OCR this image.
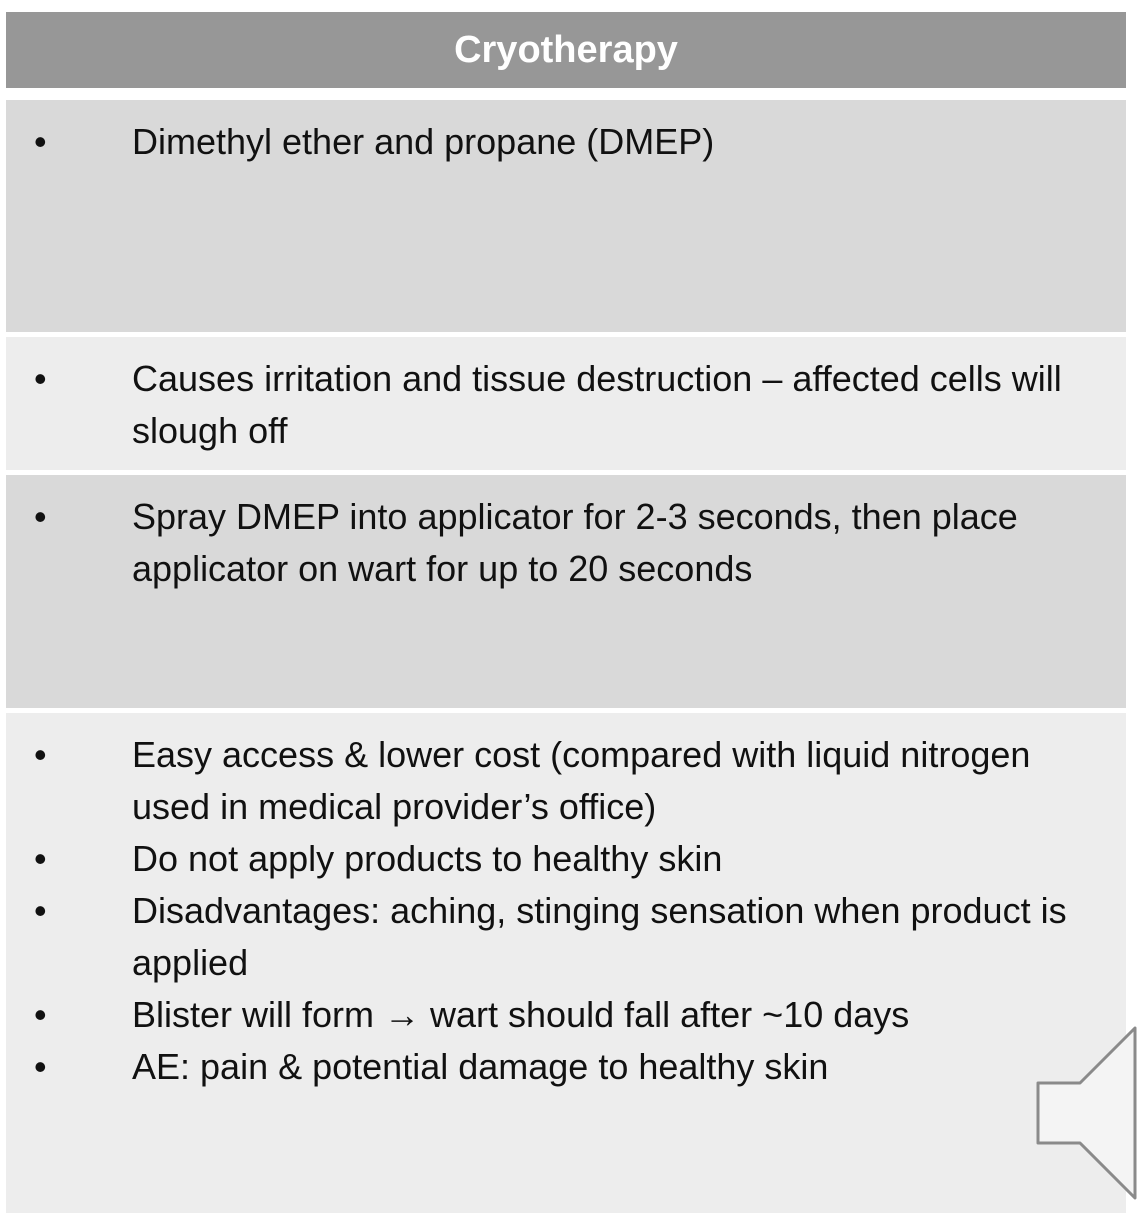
Cryotherapy
•	Dimethyl ether and propane (DMEP)
•	Causes irritation and tissue destruction – affected cells will slough off
•	Spray DMEP into applicator for 2-3 seconds, then place applicator on wart for up to 20 seconds
•	Easy access & lower cost (compared with liquid nitrogen used in medical provider’s office)
•	Do not apply products to healthy skin
•	Disadvantages: aching, stinging sensation when product is applied
•	Blister will form → wart should fall after ~10 days
•	AE: pain & potential damage to healthy skin
